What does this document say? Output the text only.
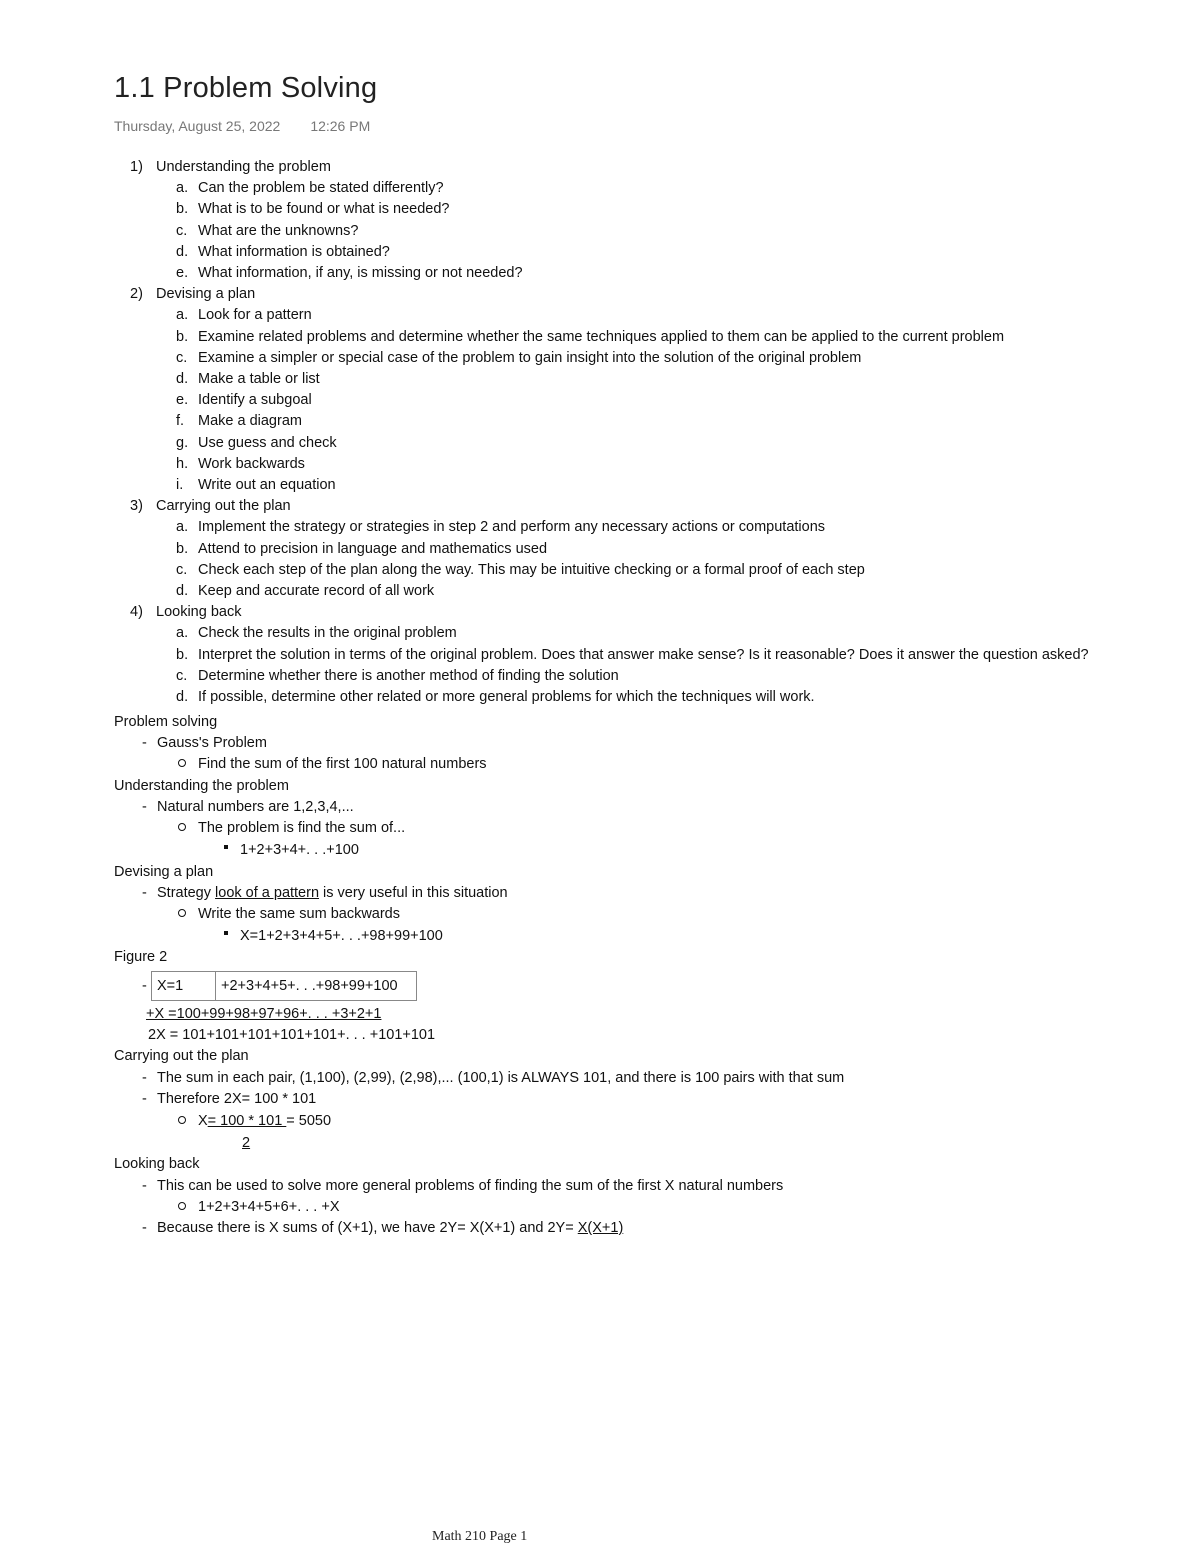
1.1 Problem Solving
Thursday, August 25, 2022 12:26 PM
1) Understanding the problem
a. Can the problem be stated differently?
b. What is to be found or what is needed?
c. What are the unknowns?
d. What information is obtained?
e. What information, if any, is missing or not needed?
2) Devising a plan
a. Look for a pattern
b. Examine related problems and determine whether the same techniques applied to them can be applied to the current problem
c. Examine a simpler or special case of the problem to gain insight into the solution of the original problem
d. Make a table or list
e. Identify a subgoal
f. Make a diagram
g. Use guess and check
h. Work backwards
i. Write out an equation
3) Carrying out the plan
a. Implement the strategy or strategies in step 2 and perform any necessary actions or computations
b. Attend to precision in language and mathematics used
c. Check each step of the plan along the way. This may be intuitive checking or a formal proof of each step
d. Keep and accurate record of all work
4) Looking back
a. Check the results in the original problem
b. Interpret the solution in terms of the original problem. Does that answer make sense? Is it reasonable? Does it answer the question asked?
c. Determine whether there is another method of finding the solution
d. If possible, determine other related or more general problems for which the techniques will work.
Problem solving
- Gauss's Problem
Find the sum of the first 100 natural numbers
Understanding the problem
- Natural numbers are 1,2,3,4,...
The problem is find the sum of...
1+2+3+4+. . .+100
Devising a plan
- Strategy look of a pattern is very useful in this situation
Write the same sum backwards
X=1+2+3+4+5+. . .+98+99+100
Figure 2
- X=1	+2+3+4+5+. . .+98+99+100
+X =100+99+98+97+96+. . . +3+2+1
2X = 101+101+101+101+101+. . . +101+101
Carrying out the plan
- The sum in each pair, (1,100), (2,99), (2,98),... (100,1) is ALWAYS 101, and there is 100 pairs with that sum
- Therefore 2X= 100 * 101
X= 100 * 101 = 5050
2
Looking back
- This can be used to solve more general problems of finding the sum of the first X natural numbers
1+2+3+4+5+6+. . . +X
- Because there is X sums of (X+1), we have 2Y= X(X+1) and 2Y= X(X+1)
Math 210 Page 1
